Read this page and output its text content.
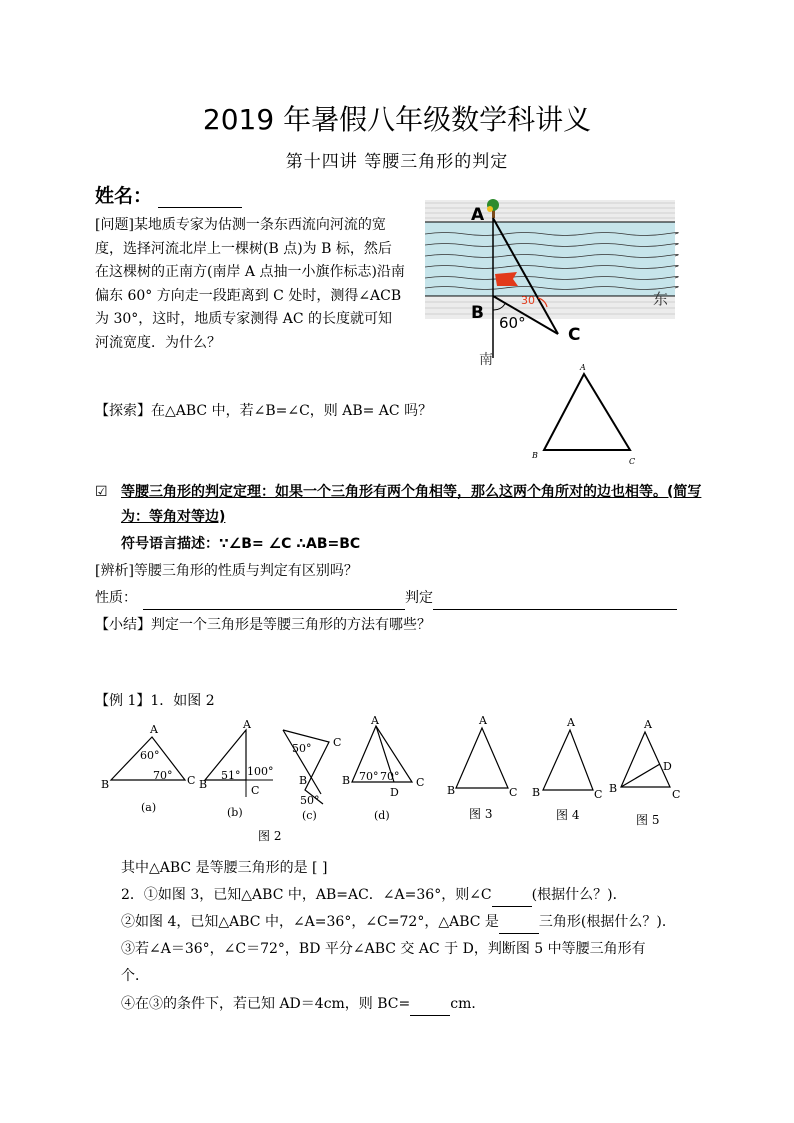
2019 年暑假八年级数学科讲义
第十四讲 等腰三角形的判定
姓名：
[问题]某地质专家为估测一条东西流向河流的宽度，选择河流北岸上一棵树(B 点)为 B 标，然后在这棵树的正南方(南岸 A 点抽一小旗作标志)沿南偏东 60° 方向走一段距离到 C 处时，测得∠ACB 为 30°，这时，地质专家测得 AC 的长度就可知河流宽度．为什么？
A
B
C
60°
30	东
南
【探索】在△ABC 中，若∠B=∠C，则 AB= AC 吗？
A
B
C
☑ 等腰三角形的判定定理：如果一个三角形有两个角相等，那么这两个角所对的边也相等。(简写
为：等角对等边)
符号语言描述：∵∠B= ∠C ∴AB=BC
[辨析]等腰三角形的性质与判定有区别吗？
性质：	判定
【小结】判定一个三角形是等腰三角形的方法有哪些？
【例 1】1．如图 2
A
B	C
60°
70°
(a)
A
B	C
51° 100°
(b)
C
B
50°
50°
(c)
A
B	C
D
70° 70°
(d)
图 2
A
B	C
图 3
A
B	C
图 4
A
B	C
D
图 5
其中△ABC 是等腰三角形的是 [ ]
2．①如图 3，已知△ABC 中，AB=AC．∠A=36°，则∠C	(根据什么？)．
②如图 4，已知△ABC 中，∠A=36°，∠C=72°，△ABC 是	三角形(根据什么？)．
③若∠A＝36°，∠C＝72°，BD 平分∠ABC 交 AC 于 D，判断图 5 中等腰三角形有
个．
④在③的条件下，若已知 AD＝4cm，则 BC=	cm．
